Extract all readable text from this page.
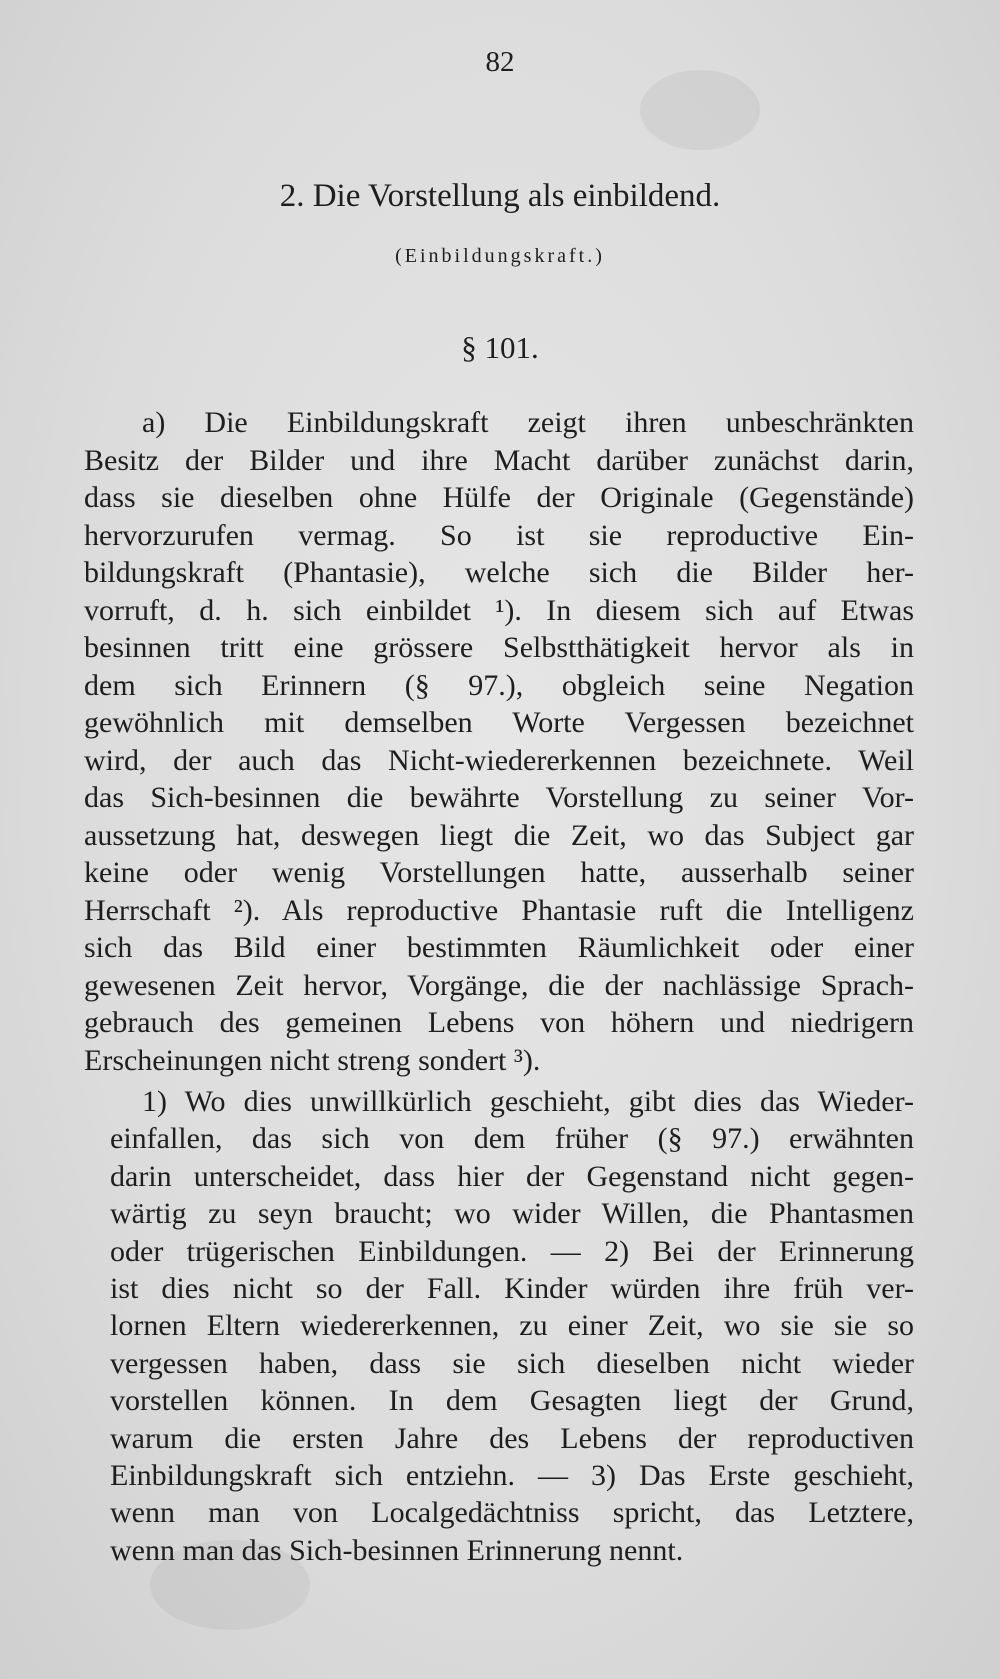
82
2. Die Vorstellung als einbildend.
(Einbildungskraft.)
§ 101.
a) Die Einbildungskraft zeigt ihren unbeschränkten
Besitz der Bilder und ihre Macht darüber zunächst darin,
dass sie dieselben ohne Hülfe der Originale (Gegenstände)
hervorzurufen vermag. So ist sie reproductive Ein-
bildungskraft (Phantasie), welche sich die Bilder her-
vorruft, d. h. sich einbildet ¹). In diesem sich auf Etwas
besinnen tritt eine grössere Selbstthätigkeit hervor als in
dem sich Erinnern (§ 97.), obgleich seine Negation
gewöhnlich mit demselben Worte Vergessen bezeichnet
wird, der auch das Nicht-wiedererkennen bezeichnete. Weil
das Sich-besinnen die bewährte Vorstellung zu seiner Vor-
aussetzung hat, deswegen liegt die Zeit, wo das Subject gar
keine oder wenig Vorstellungen hatte, ausserhalb seiner
Herrschaft ²). Als reproductive Phantasie ruft die Intelligenz
sich das Bild einer bestimmten Räumlichkeit oder einer
gewesenen Zeit hervor, Vorgänge, die der nachlässige Sprach-
gebrauch des gemeinen Lebens von höhern und niedrigern
Erscheinungen nicht streng sondert ³).
1) Wo dies unwillkürlich geschieht, gibt dies das Wieder-
einfallen, das sich von dem früher (§ 97.) erwähnten
darin unterscheidet, dass hier der Gegenstand nicht gegen-
wärtig zu seyn braucht; wo wider Willen, die Phantasmen
oder trügerischen Einbildungen. — 2) Bei der Erinnerung
ist dies nicht so der Fall. Kinder würden ihre früh ver-
lornen Eltern wiedererkennen, zu einer Zeit, wo sie sie so
vergessen haben, dass sie sich dieselben nicht wieder
vorstellen können. In dem Gesagten liegt der Grund,
warum die ersten Jahre des Lebens der reproductiven
Einbildungskraft sich entziehn. — 3) Das Erste geschieht,
wenn man von Localgedächtniss spricht, das Letztere,
wenn man das Sich-besinnen Erinnerung nennt.
